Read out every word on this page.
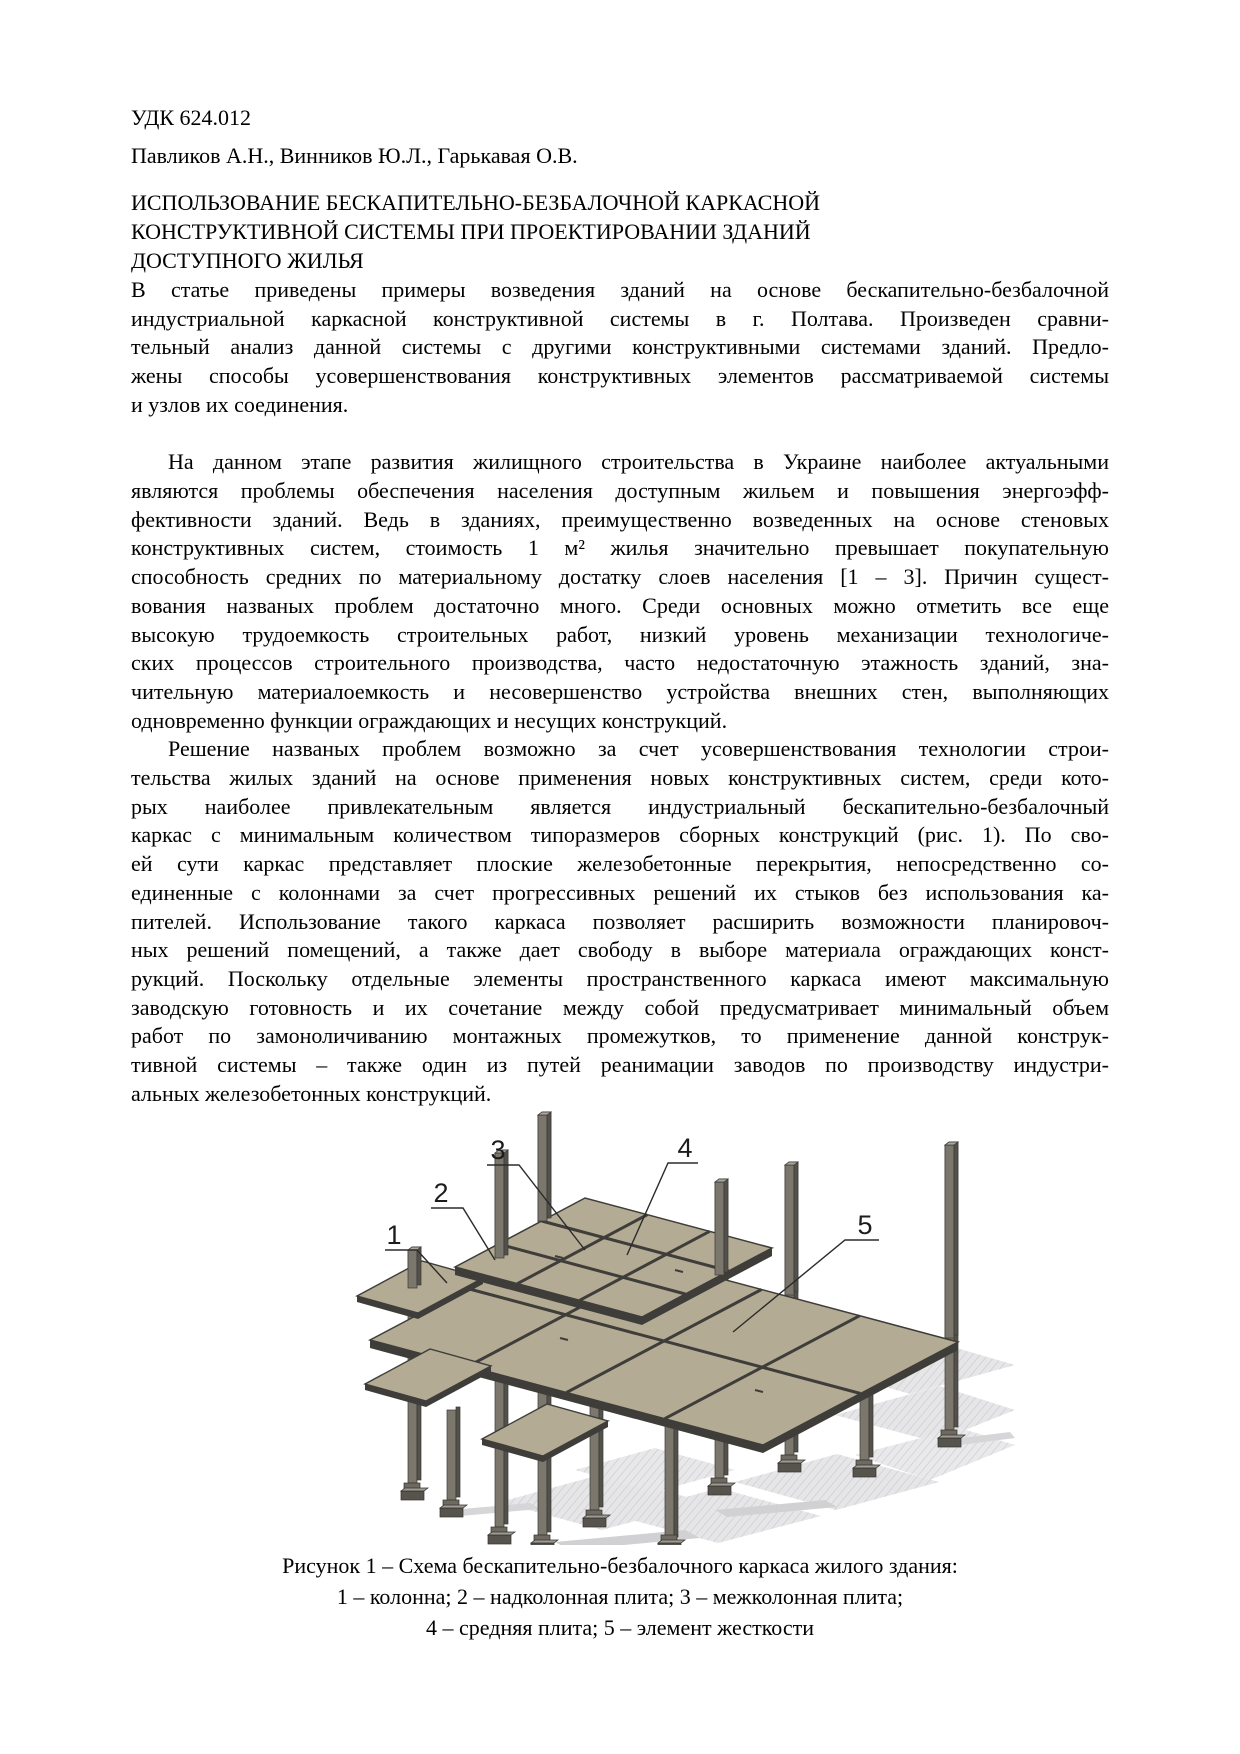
УДК 624.012
Павликов А.Н., Винников Ю.Л., Гарькавая О.В.
ИСПОЛЬЗОВАНИЕ БЕСКАПИТЕЛЬНО-БЕЗБАЛОЧНОЙ КАРКАСНОЙ
КОНСТРУКТИВНОЙ СИСТЕМЫ ПРИ ПРОЕКТИРОВАНИИ ЗДАНИЙ
ДОСТУПНОГО ЖИЛЬЯ
В статье приведены примеры возведения зданий на основе бескапительно-безбалочной
индустриальной каркасной конструктивной системы в г. Полтава. Произведен сравни-
тельный анализ данной системы с другими конструктивными системами зданий. Предло-
жены способы усовершенствования конструктивных элементов рассматриваемой системы
и узлов их соединения.
На данном этапе развития жилищного строительства в Украине наиболее актуальными
являются проблемы обеспечения населения доступным жильем и повышения энергоэфф-
фективности зданий. Ведь в зданиях, преимущественно возведенных на основе стеновых
конструктивных систем, стоимость 1 м² жилья значительно превышает покупательную
способность средних по материальному достатку слоев населения [1 – 3]. Причин сущест-
вования названых проблем достаточно много. Среди основных можно отметить все еще
высокую трудоемкость строительных работ, низкий уровень механизации технологиче-
ских процессов строительного производства, часто недостаточную этажность зданий, зна-
чительную материалоемкость и несовершенство устройства внешних стен, выполняющих
одновременно функции ограждающих и несущих конструкций.
Решение названых проблем возможно за счет усовершенствования технологии строи-
тельства жилых зданий на основе применения новых конструктивных систем, среди кото-
рых наиболее привлекательным является индустриальный бескапительно-безбалочный
каркас с минимальным количеством типоразмеров сборных конструкций (рис. 1). По сво-
ей сути каркас представляет плоские железобетонные перекрытия, непосредственно со-
единенные с колоннами за счет прогрессивных решений их стыков без использования ка-
пителей. Использование такого каркаса позволяет расширить возможности планировоч-
ных решений помещений, а также дает свободу в выборе материала ограждающих конст-
рукций. Поскольку отдельные элементы пространственного каркаса имеют максимальную
заводскую готовность и их сочетание между собой предусматривает минимальный объем
работ по замоноличиванию монтажных промежутков, то применение данной конструк-
тивной системы – также один из путей реанимации заводов по производству индустри-
альных железобетонных конструкций.
1
2
3	4
5
Рисунок 1 – Схема бескапительно-безбалочного каркаса жилого здания:
1 – колонна; 2 – надколонная плита; 3 – межколонная плита;
4 – средняя плита; 5 – элемент жесткости
